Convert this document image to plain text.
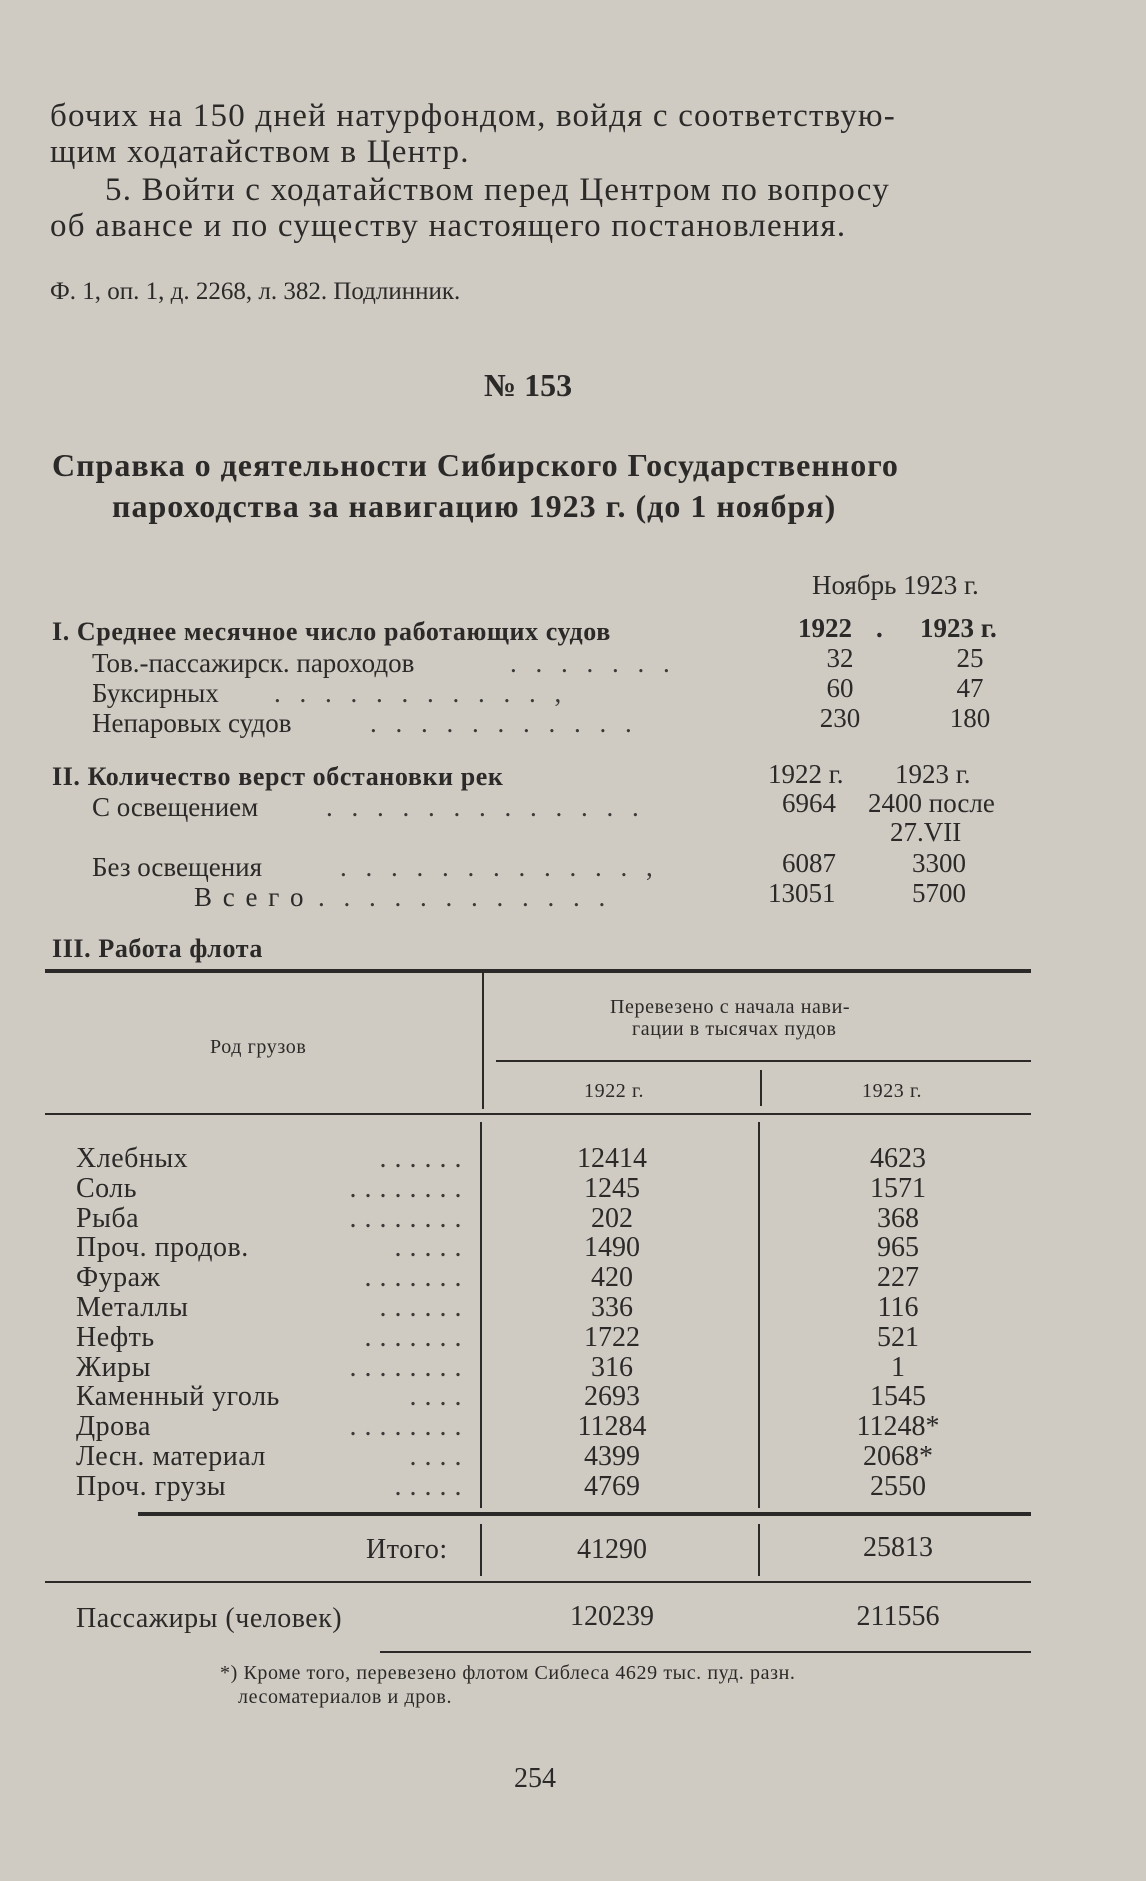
бочих на 150 дней натурфондом, войдя с соответствую-
щим ходатайством в Центр.
5. Войти с ходатайством перед Центром по вопросу
об авансе и по существу настоящего постановления.
Ф. 1, оп. 1, д. 2268, л. 382. Подлинник.
№ 153
Справка о деятельности Сибирского Государственного
пароходства за навигацию 1923 г. (до 1 ноября)
Ноябрь 1923 г.
I. Среднее месячное число работающих судов	1922 . 1923 г.
Тов.-пассажирск. пароходов	. . . . . . .	32	25
Буксирных . . . . . . . . . . . ,	60	47
Непаровых судов	. . . . . . . . . . .	230	180
II. Количество верст обстановки рек	1922 г. 1923 г.
С освещением	. . . . . . . . . . . . .	6964 2400 после
27.VII
Без освещения	. . . . . . . . . . . . ,	6087	3300
В с е г о . . . . . . . . . . . .	13051	5700
III. Работа флота
Род грузов
Перевезено с начала нави-
гации в тысячах пудов
1922 г.	1923 г.
Хлебных	. . . . . .	12414	4623
Соль	. . . . . . . .	1245	1571
Рыба	. . . . . . . .	202	368
Проч. продов.	. . . . .	1490	965
Фураж	. . . . . . .	420	227
Металлы	. . . . . .	336	116
Нефть	. . . . . . .	1722	521
Жиры	. . . . . . . .	316	1
Каменный уголь	. . . .	2693	1545
Дрова	. . . . . . . .	11284	11248*
Лесн. материал	. . . .	4399	2068*
Проч. грузы	. . . . .	4769	2550
Итого:	41290	25813
Пассажиры (человек)	120239	211556
*) Кроме того, перевезено флотом Сиблеса 4629 тыс. пуд. разн.
лесоматериалов и дров.
254
